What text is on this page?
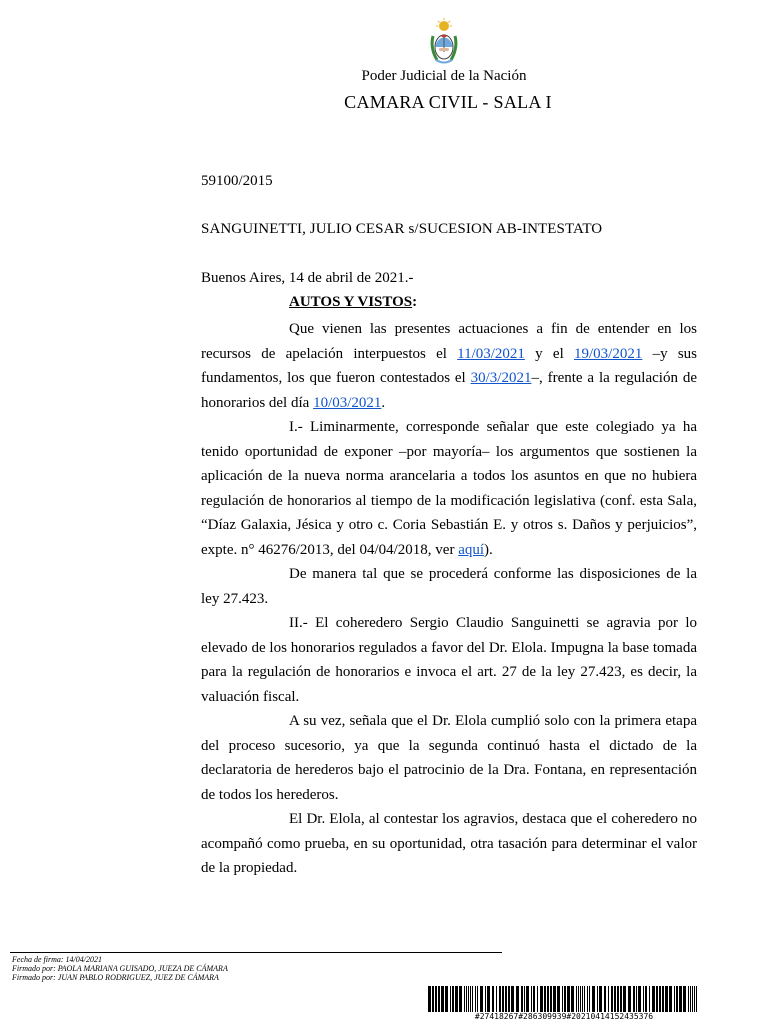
Poder Judicial de la Nación
CAMARA CIVIL - SALA I
59100/2015
SANGUINETTI, JULIO CESAR s/SUCESION AB-INTESTATO
Buenos Aires, 14 de abril de 2021.-
AUTOS Y VISTOS:

Que vienen las presentes actuaciones a fin de entender en los recursos de apelación interpuestos el 11/03/2021 y el 19/03/2021 –y sus fundamentos, los que fueron contestados el 30/3/2021–, frente a la regulación de honorarios del día 10/03/2021.

I.- Liminarmente, corresponde señalar que este colegiado ya ha tenido oportunidad de exponer –por mayoría– los argumentos que sostienen la aplicación de la nueva norma arancelaria a todos los asuntos en que no hubiera regulación de honorarios al tiempo de la modificación legislativa (conf. esta Sala, “Díaz Galaxia, Jésica y otro c. Coria Sebastián E. y otros s. Daños y perjuicios”, expte. n° 46276/2013, del 04/04/2018, ver aquí).

De manera tal que se procederá conforme las disposiciones de la ley 27.423.

II.- El coheredero Sergio Claudio Sanguinetti se agravia por lo elevado de los honorarios regulados a favor del Dr. Elola. Impugna la base tomada para la regulación de honorarios e invoca el art. 27 de la ley 27.423, es decir, la valuación fiscal.

A su vez, señala que el Dr. Elola cumplió solo con la primera etapa del proceso sucesorio, ya que la segunda continuó hasta el dictado de la declaratoria de herederos bajo el patrocinio de la Dra. Fontana, en representación de todos los herederos.

El Dr. Elola, al contestar los agravios, destaca que el coheredero no acompañó como prueba, en su oportunidad, otra tasación para determinar el valor de la propiedad.

Fecha de firma: 14/04/2021
Firmado por: PAOLA MARIANA GUISADO, JUEZA DE CÁMARA
Firmado por: JUAN PABLO RODRIGUEZ, JUEZ DE CÁMARA
#27418267#286309939#20210414152435376
